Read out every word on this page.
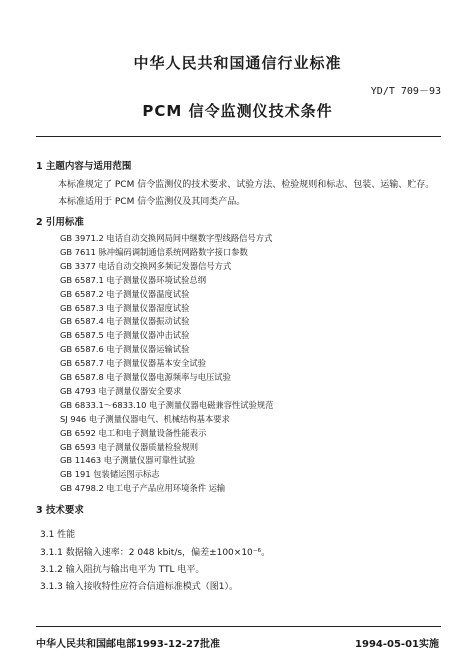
中华人民共和国通信行业标准
YD/T 709－93
PCM 信令监测仪技术条件
1 主题内容与适用范围
本标准规定了 PCM 信令监测仪的技术要求、试验方法、检验规则和标志、包装、运输、贮存。
本标准适用于 PCM 信令监测仪及其同类产品。
2 引用标准
GB 3971.2 电话自动交换网局间中继数字型线路信号方式
GB 7611 脉冲编码调制通信系统网路数字接口参数
GB 3377 电话自动交换网多频记发器信号方式
GB 6587.1 电子测量仪器环境试验总纲
GB 6587.2 电子测量仪器温度试验
GB 6587.3 电子测量仪器湿度试验
GB 6587.4 电子测量仪器振动试验
GB 6587.5 电子测量仪器冲击试验
GB 6587.6 电子测量仪器运输试验
GB 6587.7 电子测量仪器基本安全试验
GB 6587.8 电子测量仪器电源频率与电压试验
GB 4793 电子测量仪器安全要求
GB 6833.1～6833.10 电子测量仪器电磁兼容性试验规范
SJ 946 电子测量仪器电气、机械结构基本要求
GB 6592 电工和电子测量设备性能表示
GB 6593 电子测量仪器质量检验规则
GB 11463 电子测量仪器可靠性试验
GB 191 包装储运图示标志
GB 4798.2 电工电子产品应用环境条件 运输
3 技术要求
3.1 性能
3.1.1 数据输入速率：2 048 kbit/s，偏差±100×10⁻⁶。
3.1.2 输入阻抗与输出电平为 TTL 电平。
3.1.3 输入接收特性应符合信道标准模式（图1）。
中华人民共和国邮电部1993-12-27批准	1994-05-01实施
